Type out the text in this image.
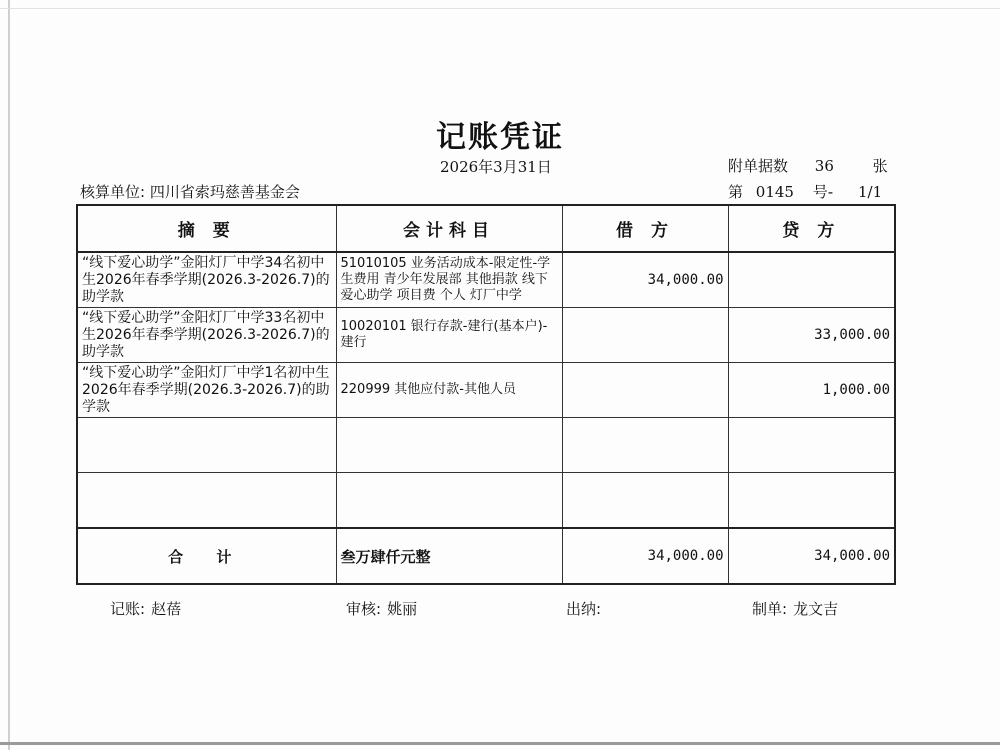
记账凭证
2026年3月31日	附单据数 36	张
核算单位: 四川省索玛慈善基金会	第 0145 号- 1/1
摘 要	会计科目	借 方	贷 方
“线下爱心助学”金阳灯厂中学34名初中生2026年春季学期(2026.3-2026.7)的助学款	51010105 业务活动成本-限定性-学生费用 青少年发展部 其他捐款 线下爱心助学 项目费 个人 灯厂中学	34,000.00	
“线下爱心助学”金阳灯厂中学33名初中生2026年春季学期(2026.3-2026.7)的助学款	10020101 银行存款-建行(基本户)-建行		33,000.00
“线下爱心助学”金阳灯厂中学1名初中生2026年春季学期(2026.3-2026.7)的助学款	220999 其他应付款-其他人员		1,000.00

合 计	叁万肆仟元整	34,000.00	34,000.00
记账: 赵蓓	审核: 姚丽	出纳:	制单: 龙文吉
